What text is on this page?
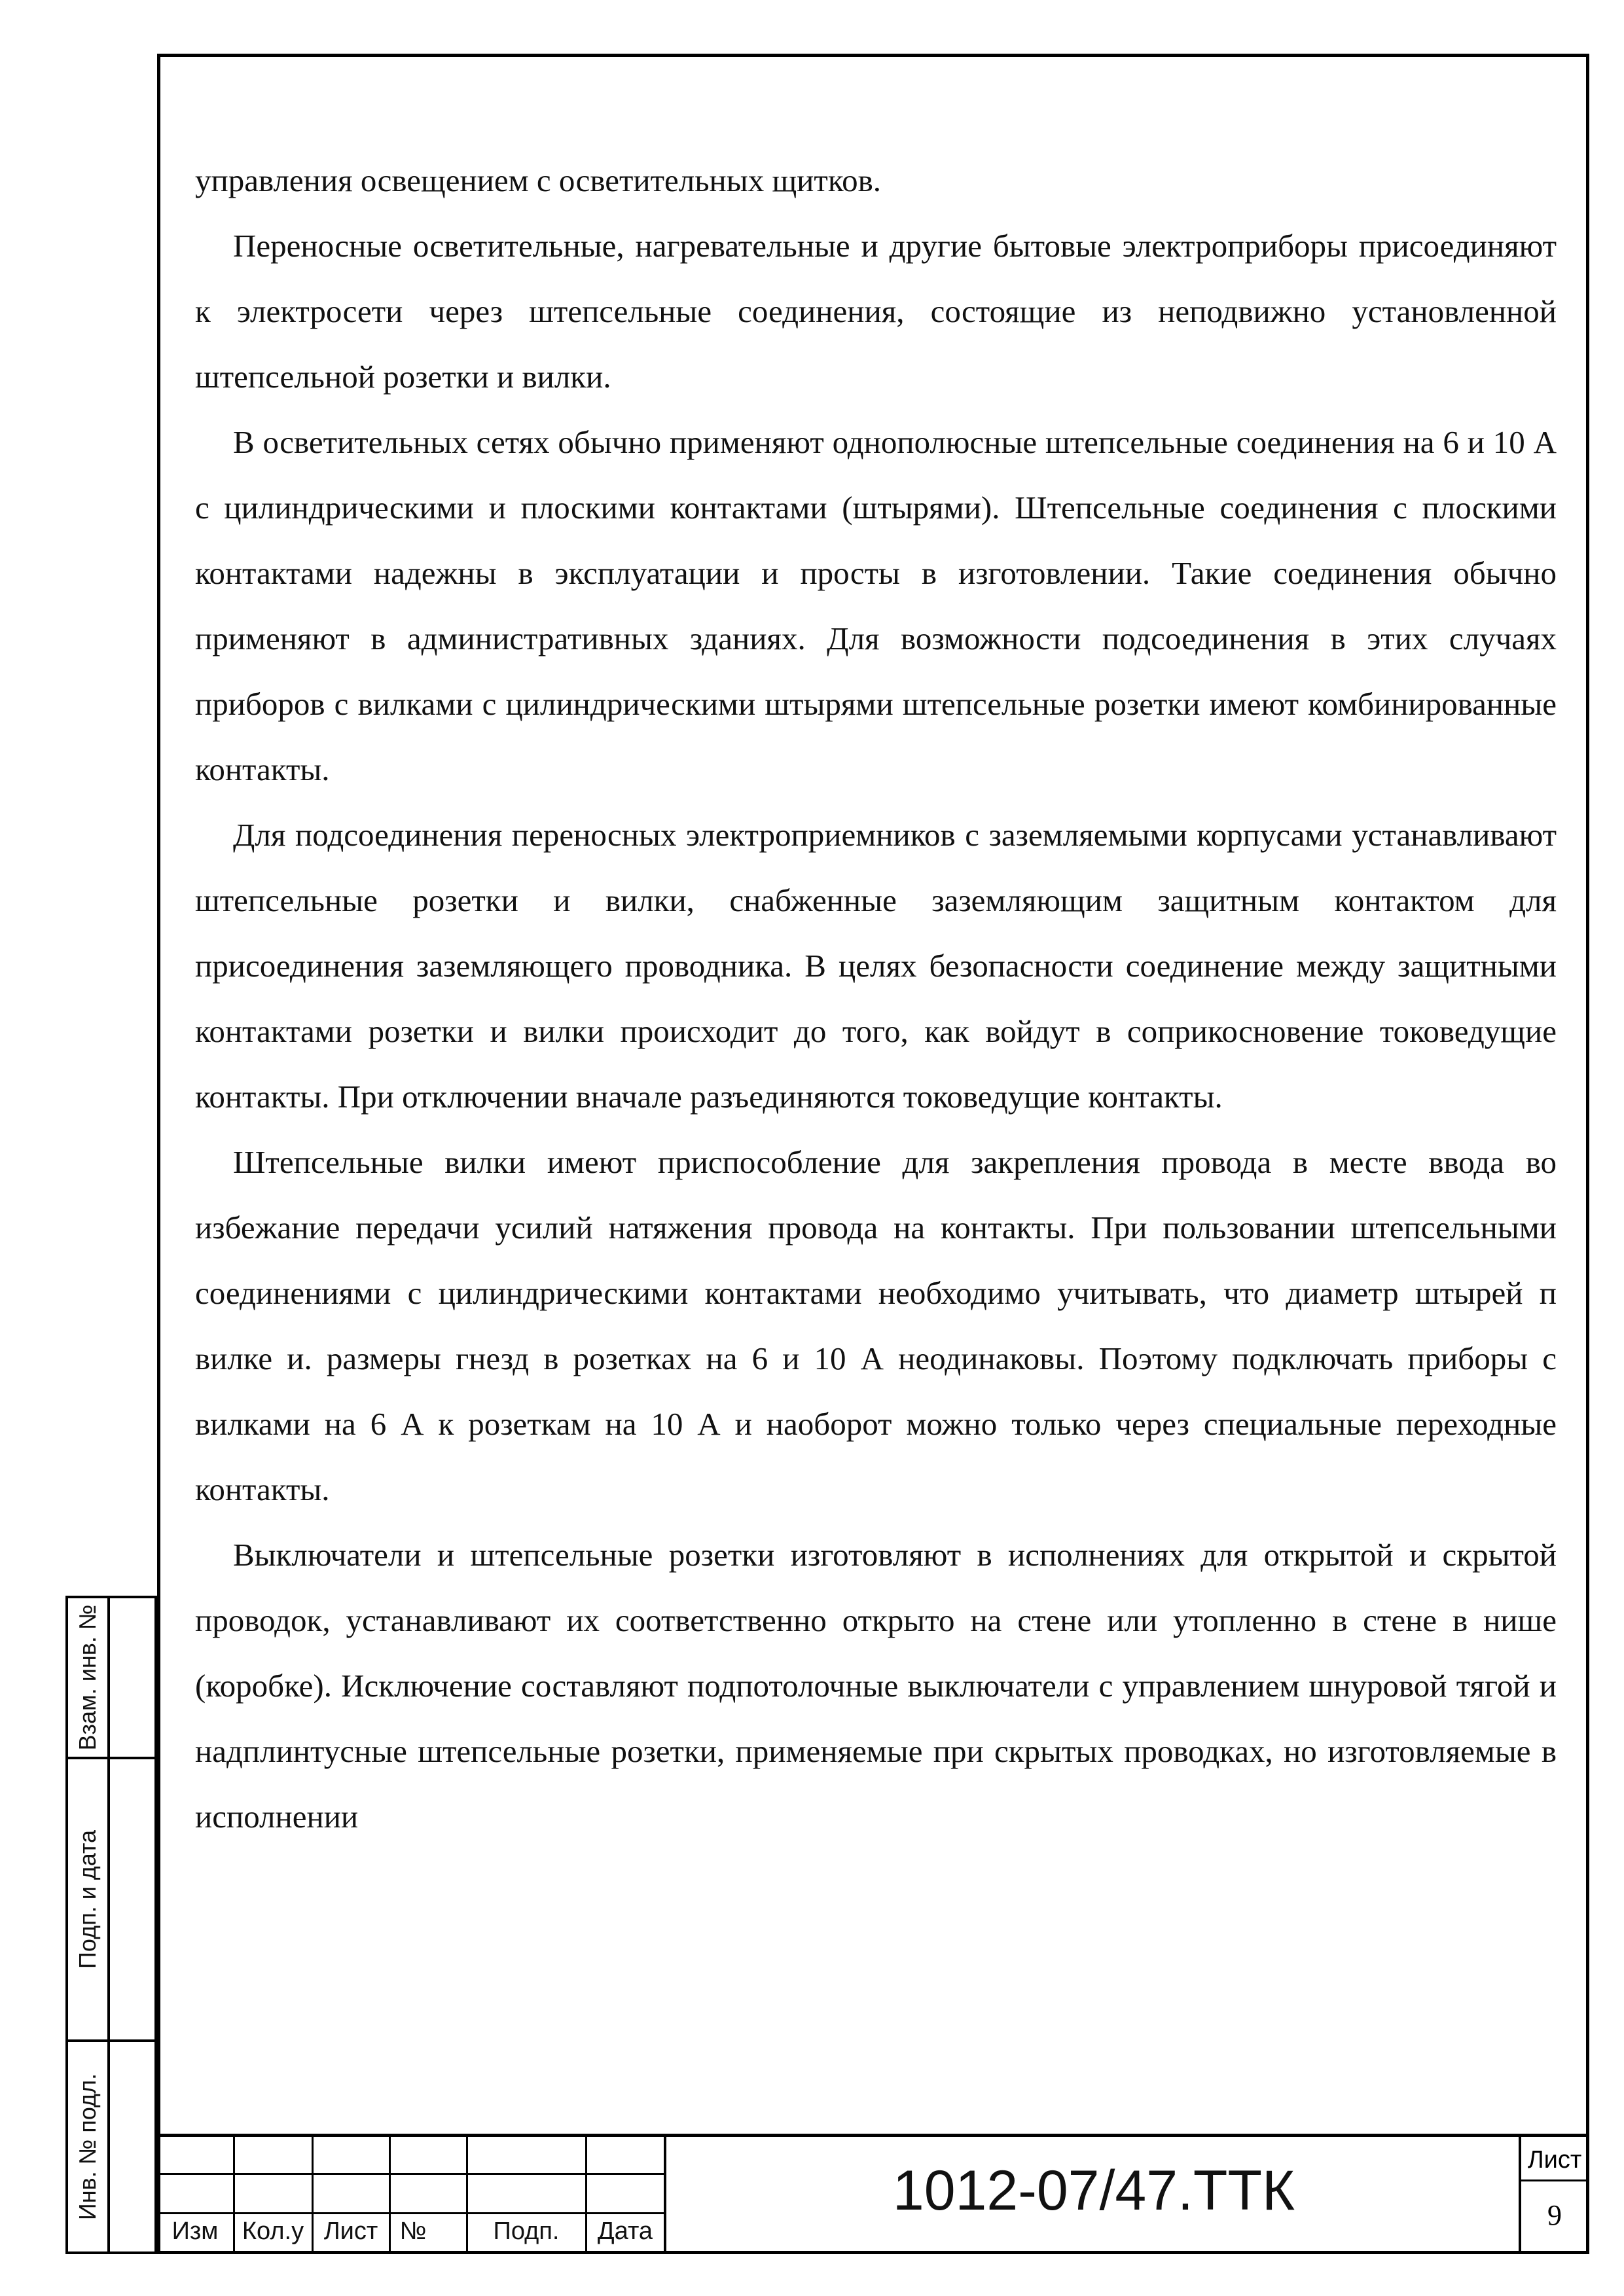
управления освещением с осветительных щитков.

Переносные осветительные, нагревательные и другие бытовые электроприборы присоединяют к электросети через штепсельные соединения, состоящие из неподвижно установленной штепсельной розетки и вилки.

В осветительных сетях обычно применяют однополюсные штепсельные соединения на 6 и 10 А с цилиндрическими и плоскими контактами (штырями). Штепсельные соединения с плоскими контактами надежны в эксплуатации и просты в изготовлении. Такие соединения обычно применяют в административных зданиях. Для возможности подсоединения в этих случаях приборов с вилками с цилиндрическими штырями штепсельные розетки имеют комбинированные контакты.

Для подсоединения переносных электроприемников с заземляемыми корпусами устанавливают штепсельные розетки и вилки, снабженные заземляющим защитным контактом для присоединения заземляющего проводника. В целях безопасности соединение между защитными контактами розетки и вилки происходит до того, как войдут в соприкосновение токоведущие контакты. При отключении вначале разъединяются токоведущие контакты.

Штепсельные вилки имеют приспособление для закрепления провода в месте ввода во избежание передачи усилий натяжения провода на контакты. При пользовании штепсельными соединениями с цилиндрическими контактами необходимо учитывать, что диаметр штырей п вилке и. размеры гнезд в розетках на 6 и 10 А неодинаковы. Поэтому подключать приборы с вилками на 6 А к розеткам на 10 А и наоборот можно только через специальные переходные контакты.

Выключатели и штепсельные розетки изготовляют в исполнениях для открытой и скрытой проводок, устанавливают их соответственно открыто на стене или утопленно в стене в нише (коробке). Исключение составляют подпотолочные выключатели с управлением шнуровой тягой и надплинтусные штепсельные розетки, применяемые при скрытых проводках, но изготовляемые в исполнении

Взам. инв. №
Подп. и дата
Инв. № подл.
Изм Кол.у Лист №	Подп.	Дата
1012-07/47.ТТК	Лист
9
